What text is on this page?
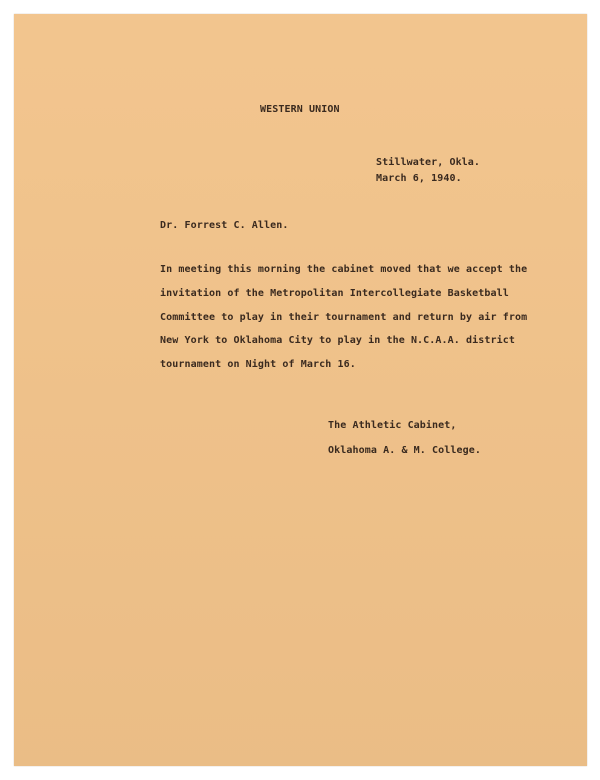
WESTERN UNION
Stillwater, Okla.
March 6, 1940.
Dr. Forrest C. Allen.
In meeting this morning the cabinet moved that we accept the
invitation of the Metropolitan Intercollegiate Basketball
Committee to play in their tournament and return by air from
New York to Oklahoma City to play in the N.C.A.A. district
tournament on Night of March 16.
The Athletic Cabinet,
Oklahoma A. & M. College.
